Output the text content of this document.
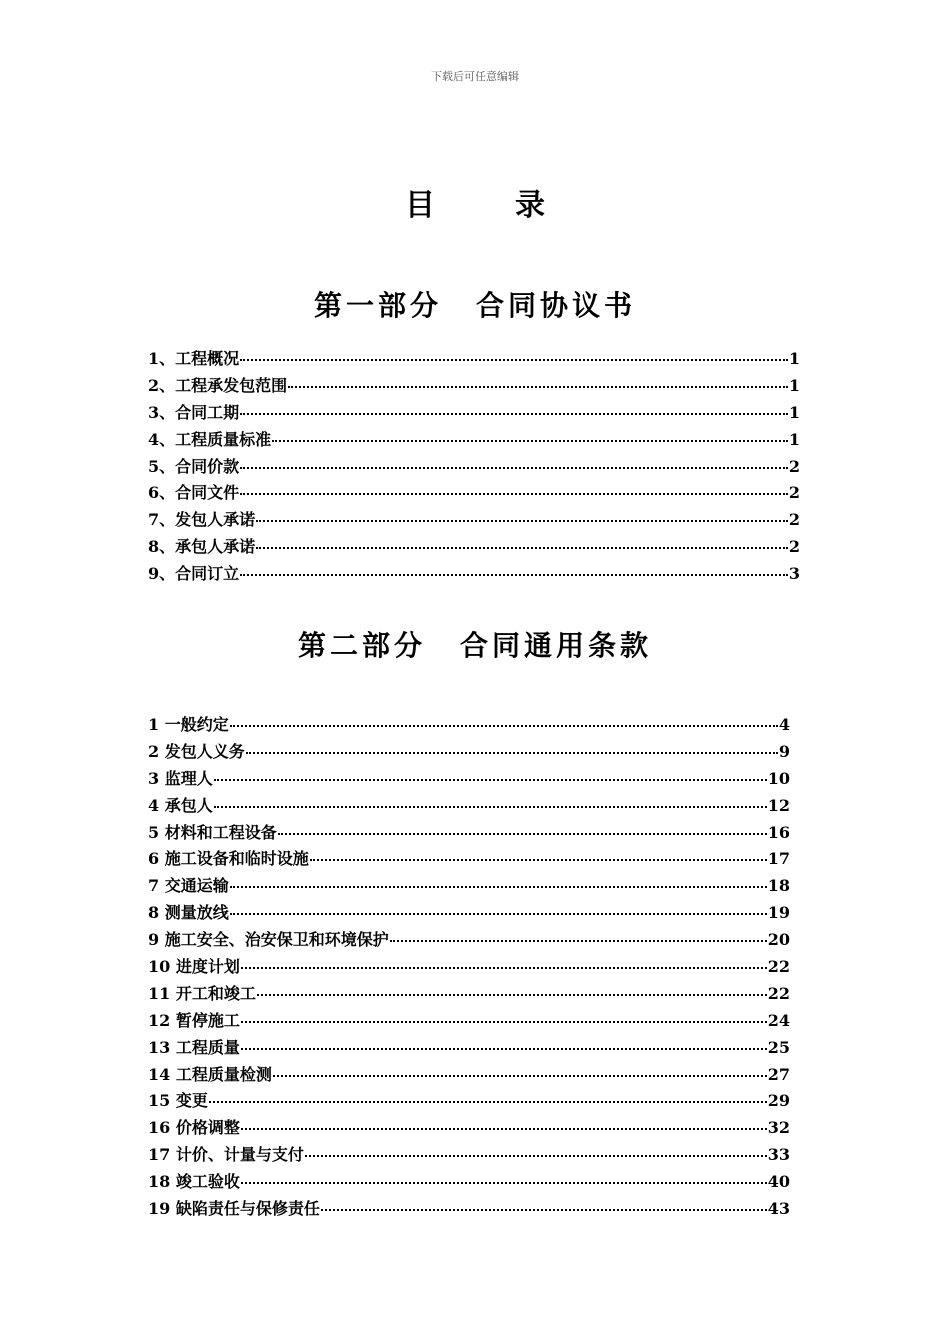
下载后可任意编辑
目	录
第一部分 合同协议书
1、工程概况	1
2、工程承发包范围	1
3、合同工期	1
4、工程质量标准	1
5、合同价款	2
6、合同文件	2
7、发包人承诺	2
8、承包人承诺	2
9、合同订立	3
第二部分 合同通用条款
1 一般约定	4
2 发包人义务	9
3 监理人	10
4 承包人	12
5 材料和工程设备	16
6 施工设备和临时设施	17
7 交通运输	18
8 测量放线	19
9 施工安全、治安保卫和环境保护	20
10 进度计划	22
11 开工和竣工	22
12 暂停施工	24
13 工程质量	25
14 工程质量检测	27
15 变更	29
16 价格调整	32
17 计价、计量与支付	33
18 竣工验收	40
19 缺陷责任与保修责任	43
